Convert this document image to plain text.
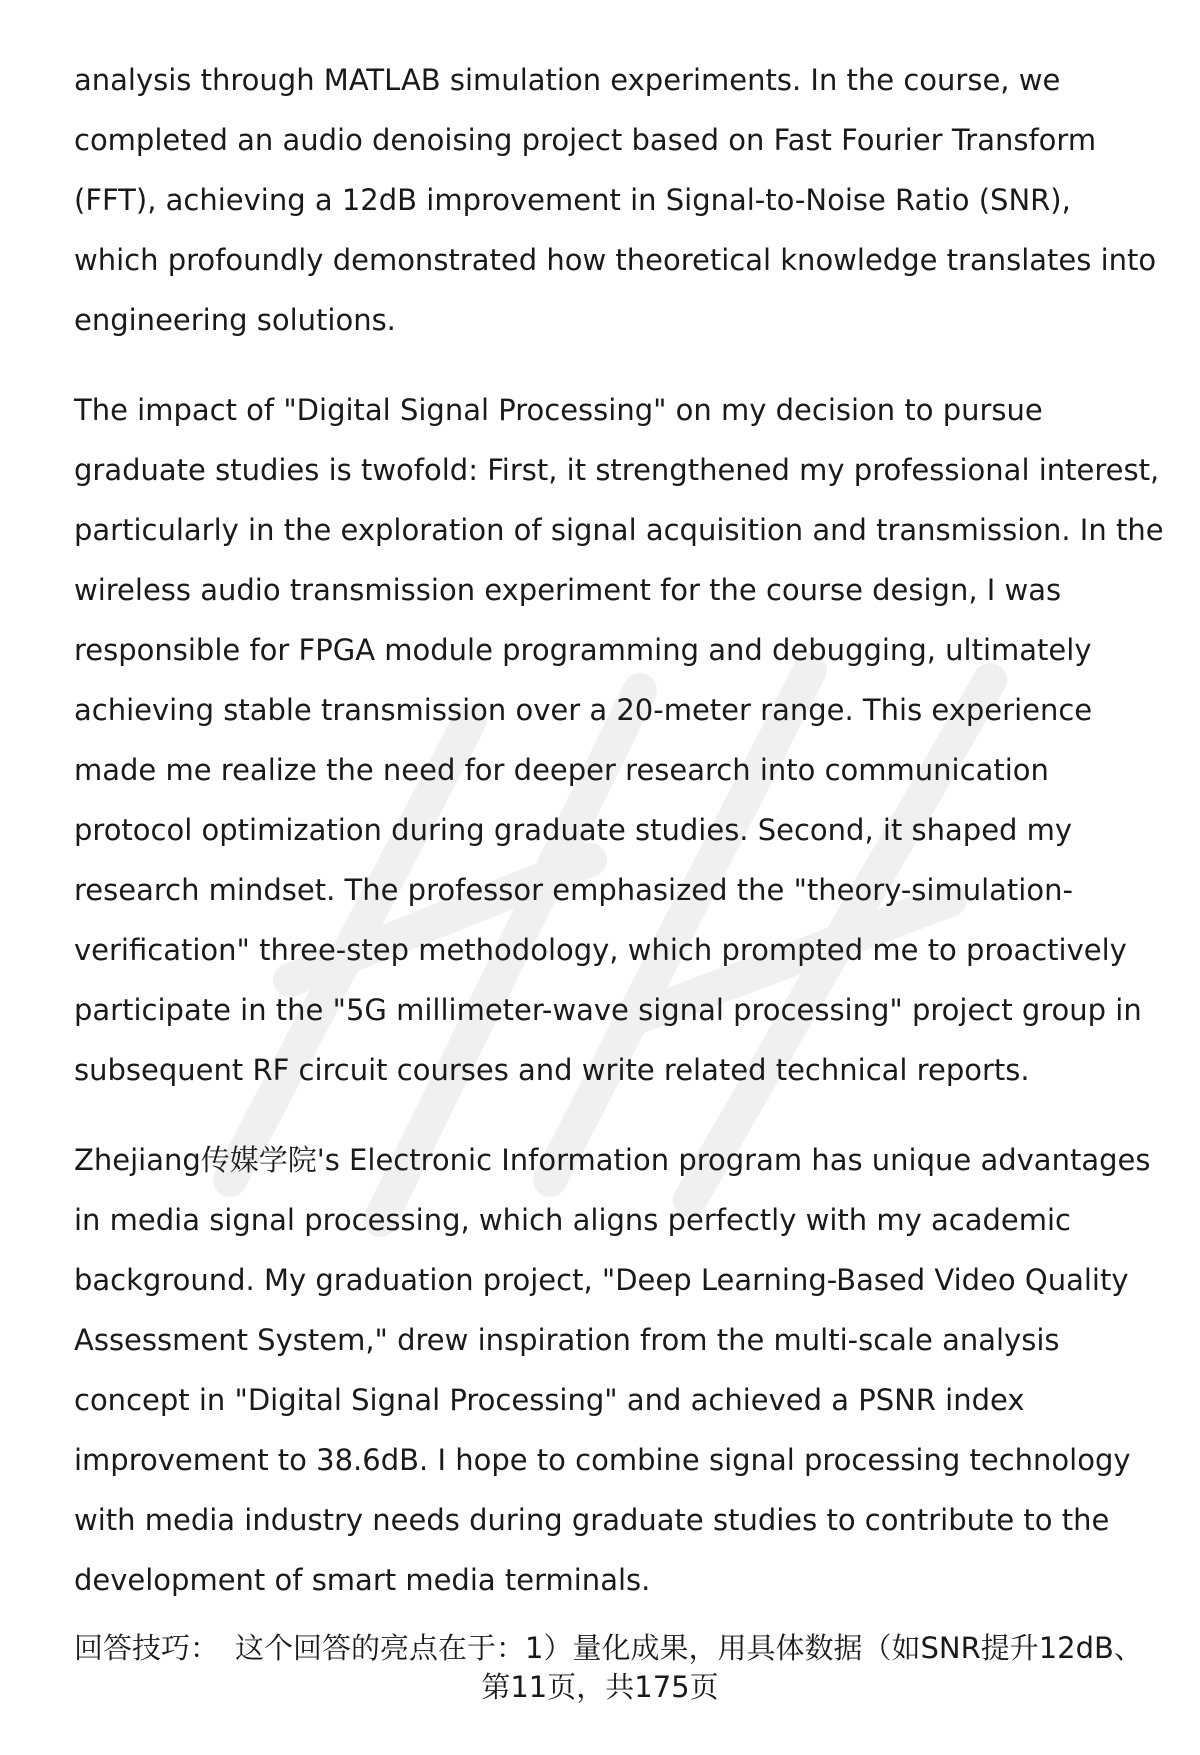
analysis through MATLAB simulation experiments. In the course, we completed an audio denoising project based on Fast Fourier Transform (FFT), achieving a 12dB improvement in Signal-to-Noise Ratio (SNR), which profoundly demonstrated how theoretical knowledge translates into engineering solutions.

The impact of "Digital Signal Processing" on my decision to pursue graduate studies is twofold: First, it strengthened my professional interest, particularly in the exploration of signal acquisition and transmission. In the wireless audio transmission experiment for the course design, I was responsible for FPGA module programming and debugging, ultimately achieving stable transmission over a 20-meter range. This experience made me realize the need for deeper research into communication protocol optimization during graduate studies. Second, it shaped my research mindset. The professor emphasized the "theory-simulation-verification" three-step methodology, which prompted me to proactively participate in the "5G millimeter-wave signal processing" project group in subsequent RF circuit courses and write related technical reports.

Zhejiang传媒学院's Electronic Information program has unique advantages in media signal processing, which aligns perfectly with my academic background. My graduation project, "Deep Learning-Based Video Quality Assessment System," drew inspiration from the multi-scale analysis concept in "Digital Signal Processing" and achieved a PSNR index improvement to 38.6dB. I hope to combine signal processing technology with media industry needs during graduate studies to contribute to the development of smart media terminals.

回答技巧： 这个回答的亮点在于：1）量化成果，用具体数据（如SNR提升12dB、
第11页，共175页
